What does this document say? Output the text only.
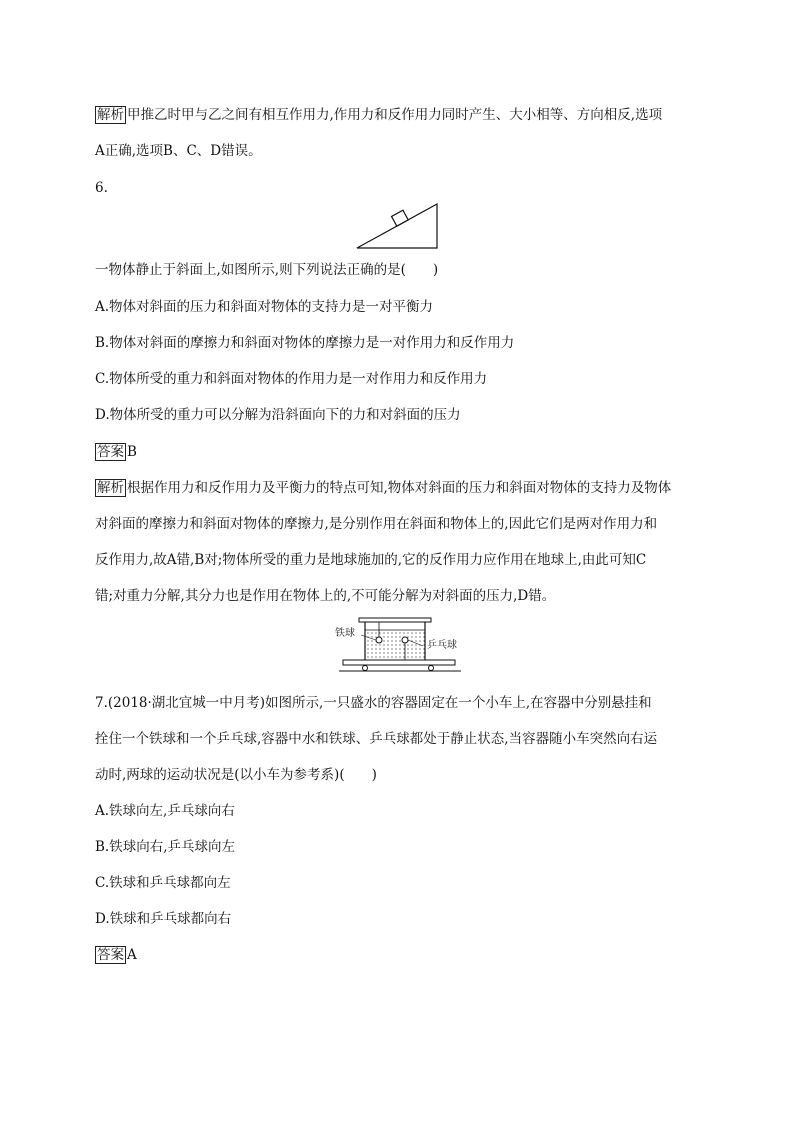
解析 甲推乙时甲与乙之间有相互作用力,作用力和反作用力同时产生、大小相等、方向相反,选项
A正确,选项B、C、D错误。
6.
一物体静止于斜面上,如图所示,则下列说法正确的是(　　)
A.物体对斜面的压力和斜面对物体的支持力是一对平衡力
B.物体对斜面的摩擦力和斜面对物体的摩擦力是一对作用力和反作用力
C.物体所受的重力和斜面对物体的作用力是一对作用力和反作用力
D.物体所受的重力可以分解为沿斜面向下的力和对斜面的压力
答案 B
解析 根据作用力和反作用力及平衡力的特点可知,物体对斜面的压力和斜面对物体的支持力及物体
对斜面的摩擦力和斜面对物体的摩擦力,是分别作用在斜面和物体上的,因此它们是两对作用力和
反作用力,故A错,B对;物体所受的重力是地球施加的,它的反作用力应作用在地球上,由此可知C
错;对重力分解,其分力也是作用在物体上的,不可能分解为对斜面的压力,D错。
铁球
乒乓球
7.(2018·湖北宜城一中月考)如图所示,一只盛水的容器固定在一个小车上,在容器中分别悬挂和
拴住一个铁球和一个乒乓球,容器中水和铁球、乒乓球都处于静止状态,当容器随小车突然向右运
动时,两球的运动状况是(以小车为参考系)(　　)
A.铁球向左,乒乓球向右
B.铁球向右,乒乓球向左
C.铁球和乒乓球都向左
D.铁球和乒乓球都向右
答案 A
